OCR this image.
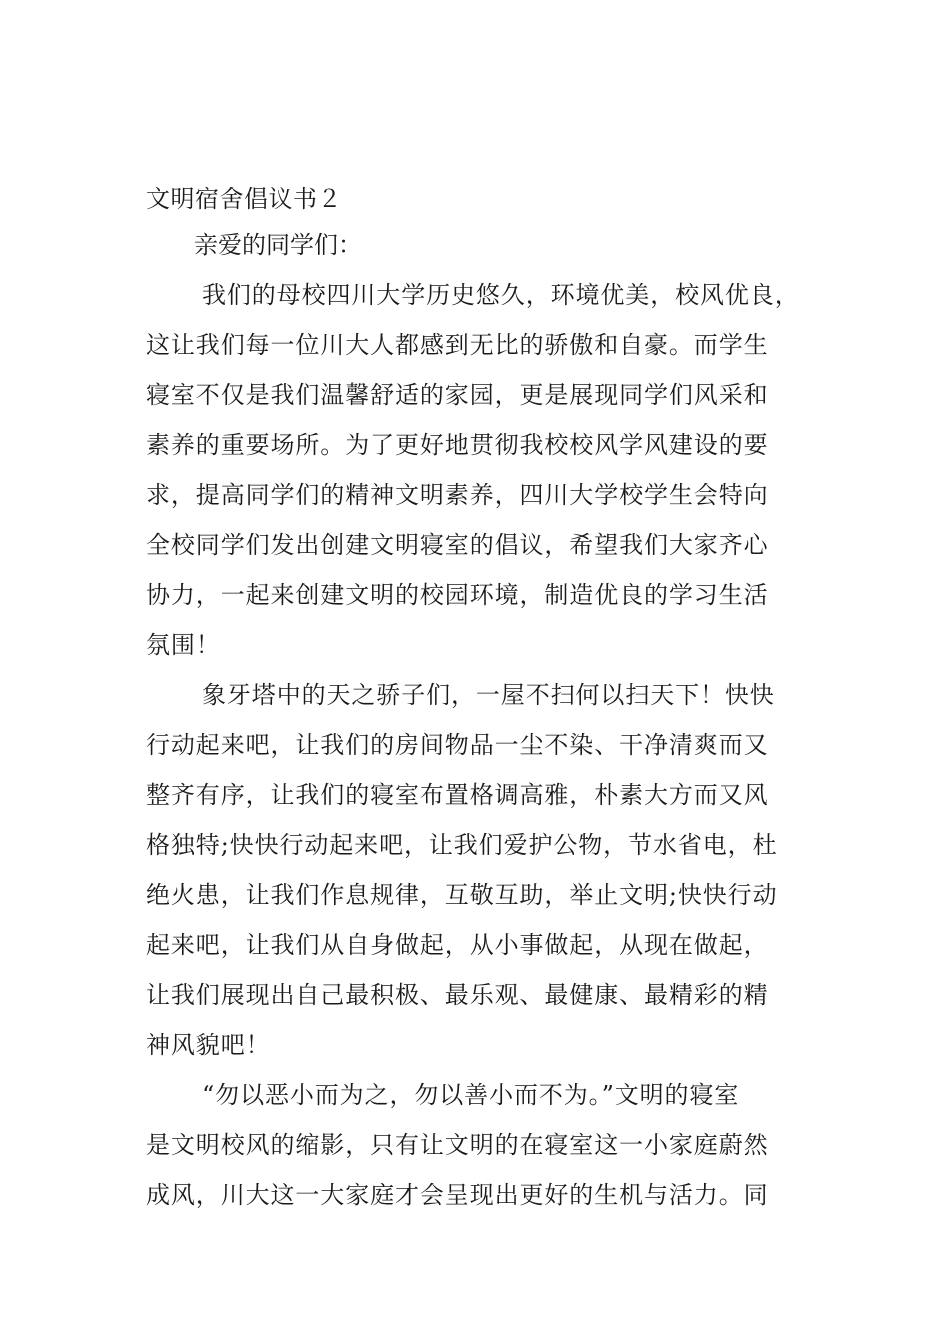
文明宿舍倡议书２

亲爱的同学们：

我们的母校四川大学历史悠久，环境优美，校风优良，
这让我们每一位川大人都感到无比的骄傲和自豪。而学生
寝室不仅是我们温馨舒适的家园，更是展现同学们风采和
素养的重要场所。为了更好地贯彻我校校风学风建设的要
求，提高同学们的精神文明素养，四川大学校学生会特向
全校同学们发出创建文明寝室的倡议，希望我们大家齐心
协力，一起来创建文明的校园环境，制造优良的学习生活
氛围！
象牙塔中的天之骄子们，一屋不扫何以扫天下！快快
行动起来吧，让我们的房间物品一尘不染、干净清爽而又
整齐有序，让我们的寝室布置格调高雅，朴素大方而又风
格独特;快快行动起来吧，让我们爱护公物，节水省电，杜
绝火患，让我们作息规律，互敬互助，举止文明;快快行动
起来吧，让我们从自身做起，从小事做起，从现在做起，
让我们展现出自己最积极、最乐观、最健康、最精彩的精
神风貌吧！
“勿以恶小而为之，勿以善小而不为。”文明的寝室
是文明校风的缩影，只有让文明的在寝室这一小家庭蔚然
成风，川大这一大家庭才会呈现出更好的生机与活力。同
